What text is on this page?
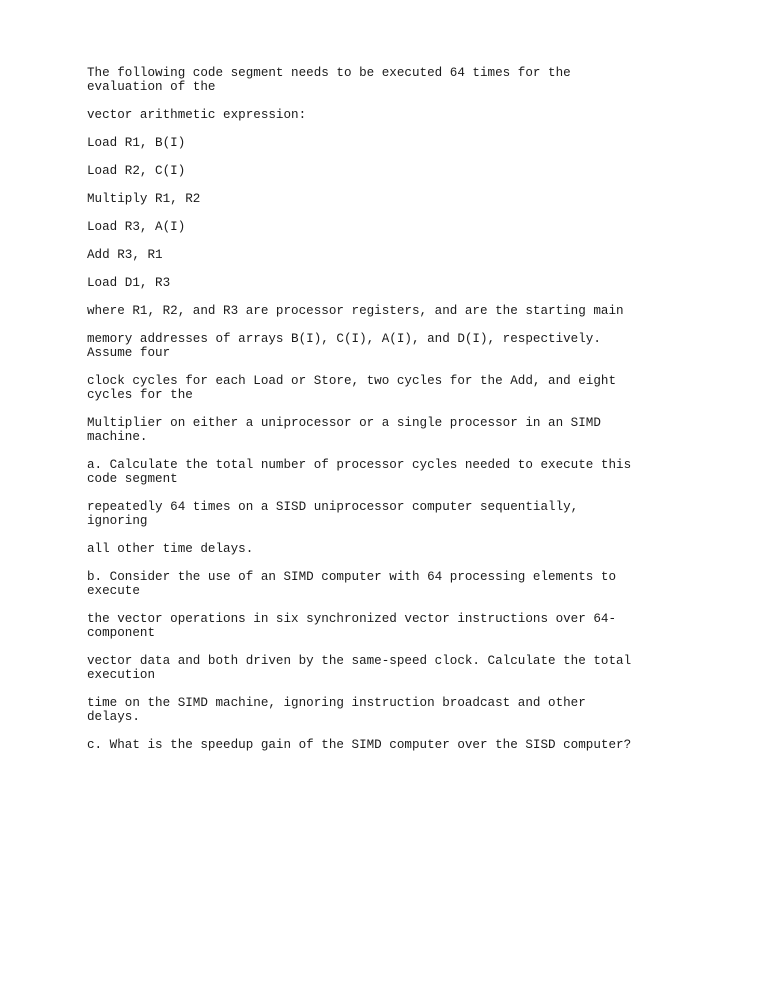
The following code segment needs to be executed 64 times for the
evaluation of the

vector arithmetic expression:

Load R1, B(I)

Load R2, C(I)

Multiply R1, R2

Load R3, A(I)

Add R3, R1

Load D1, R3

where R1, R2, and R3 are processor registers, and are the starting main

memory addresses of arrays B(I), C(I), A(I), and D(I), respectively.
Assume four

clock cycles for each Load or Store, two cycles for the Add, and eight
cycles for the

Multiplier on either a uniprocessor or a single processor in an SIMD
machine.

a. Calculate the total number of processor cycles needed to execute this
code segment

repeatedly 64 times on a SISD uniprocessor computer sequentially,
ignoring

all other time delays.

b. Consider the use of an SIMD computer with 64 processing elements to
execute

the vector operations in six synchronized vector instructions over 64-
component

vector data and both driven by the same-speed clock. Calculate the total
execution

time on the SIMD machine, ignoring instruction broadcast and other
delays.

c. What is the speedup gain of the SIMD computer over the SISD computer?
